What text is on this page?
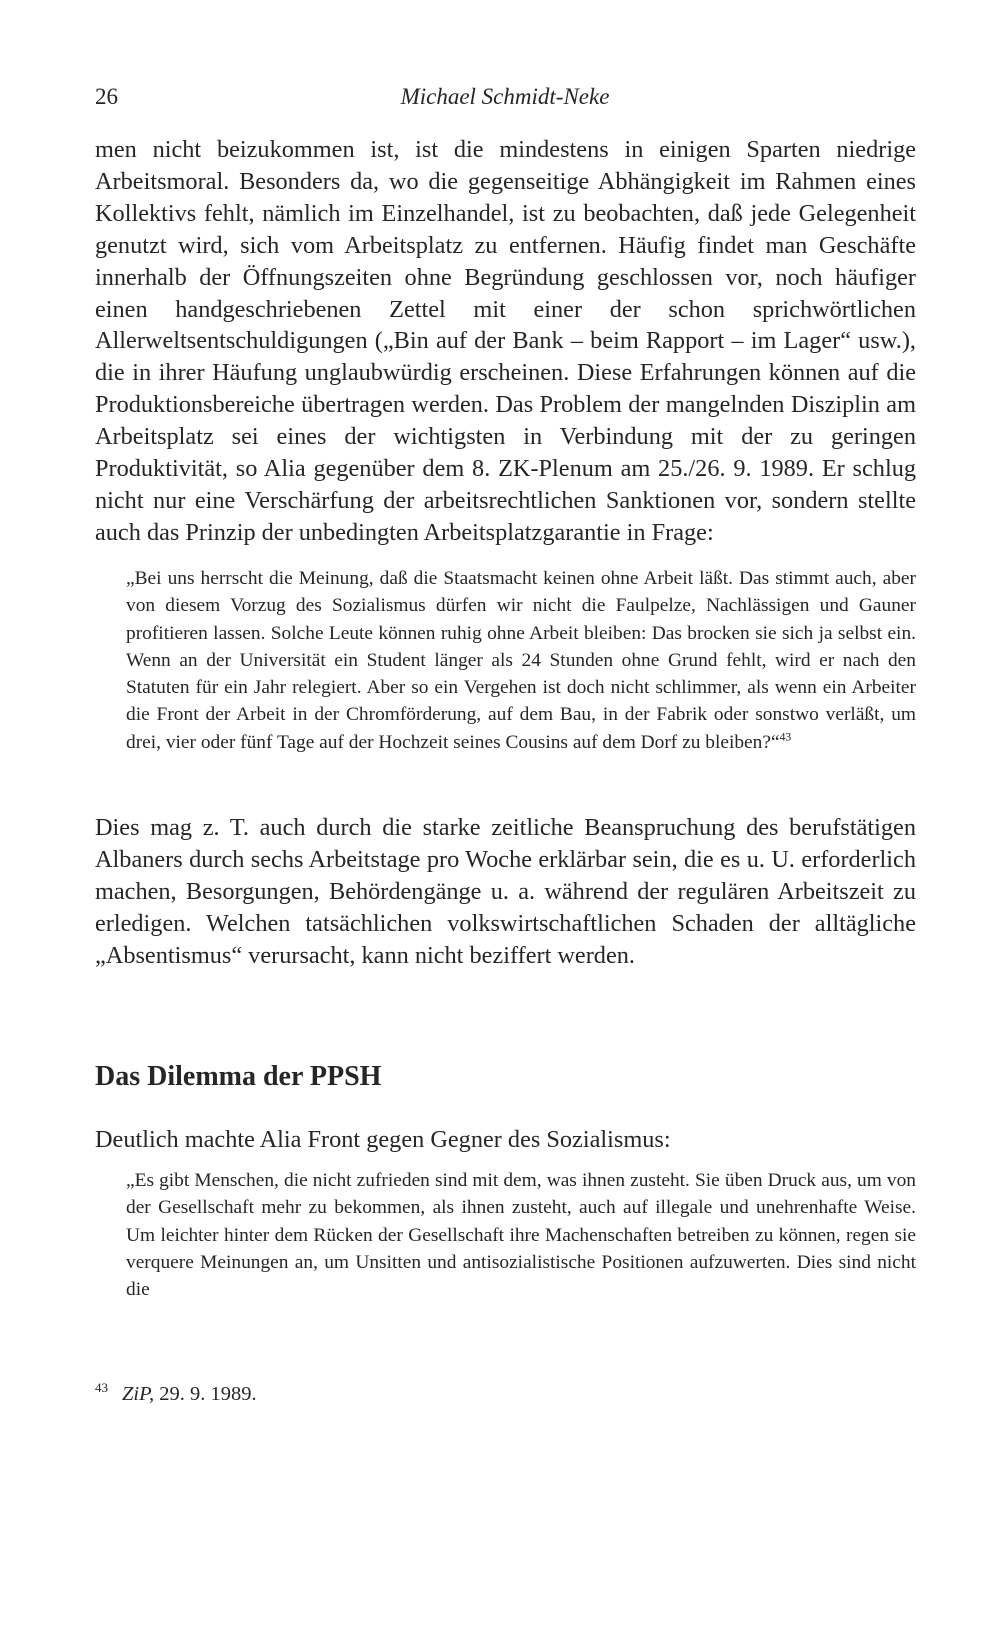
26	Michael Schmidt-Neke

men nicht beizukommen ist, ist die mindestens in einigen Sparten niedrige Arbeitsmoral. Besonders da, wo die gegenseitige Abhängigkeit im Rahmen eines Kollektivs fehlt, nämlich im Einzelhandel, ist zu beobachten, daß jede Gelegenheit genutzt wird, sich vom Arbeitsplatz zu entfernen. Häufig findet man Geschäfte innerhalb der Öffnungszeiten ohne Begründung geschlossen vor, noch häufiger einen handgeschriebenen Zettel mit einer der schon sprichwörtlichen Allerweltsentschuldigungen („Bin auf der Bank – beim Rapport – im Lager“ usw.), die in ihrer Häufung unglaubwürdig erscheinen. Diese Erfahrungen können auf die Produktionsbereiche übertragen werden. Das Problem der mangelnden Disziplin am Arbeitsplatz sei eines der wichtigsten in Verbindung mit der zu geringen Produktivität, so Alia gegenüber dem 8. ZK-Plenum am 25./26. 9. 1989. Er schlug nicht nur eine Verschärfung der arbeitsrechtlichen Sanktionen vor, sondern stellte auch das Prinzip der unbedingten Arbeitsplatzgarantie in Frage:

„Bei uns herrscht die Meinung, daß die Staatsmacht keinen ohne Arbeit läßt. Das stimmt auch, aber von diesem Vorzug des Sozialismus dürfen wir nicht die Faulpelze, Nachlässigen und Gauner profitieren lassen. Solche Leute können ruhig ohne Arbeit bleiben: Das brocken sie sich ja selbst ein. Wenn an der Universität ein Student länger als 24 Stunden ohne Grund fehlt, wird er nach den Statuten für ein Jahr relegiert. Aber so ein Vergehen ist doch nicht schlimmer, als wenn ein Arbeiter die Front der Arbeit in der Chromförderung, auf dem Bau, in der Fabrik oder sonstwo verläßt, um drei, vier oder fünf Tage auf der Hochzeit seines Cousins auf dem Dorf zu bleiben?“$^{43}$

Dies mag z. T. auch durch die starke zeitliche Beanspruchung des berufstätigen Albaners durch sechs Arbeitstage pro Woche erklärbar sein, die es u. U. erforderlich machen, Besorgungen, Behördengänge u. a. während der regulären Arbeitszeit zu erledigen. Welchen tatsächlichen volkswirtschaftlichen Schaden der alltägliche „Absentismus“ verursacht, kann nicht beziffert werden.

Das Dilemma der PPSH

Deutlich machte Alia Front gegen Gegner des Sozialismus:

„Es gibt Menschen, die nicht zufrieden sind mit dem, was ihnen zusteht. Sie üben Druck aus, um von der Gesellschaft mehr zu bekommen, als ihnen zusteht, auch auf illegale und unehrenhafte Weise. Um leichter hinter dem Rücken der Gesellschaft ihre Machenschaften betreiben zu können, regen sie verquere Meinungen an, um Unsitten und antisozialistische Positionen aufzuwerten. Dies sind nicht die

$^{43}$ ZiP, 29. 9. 1989.
